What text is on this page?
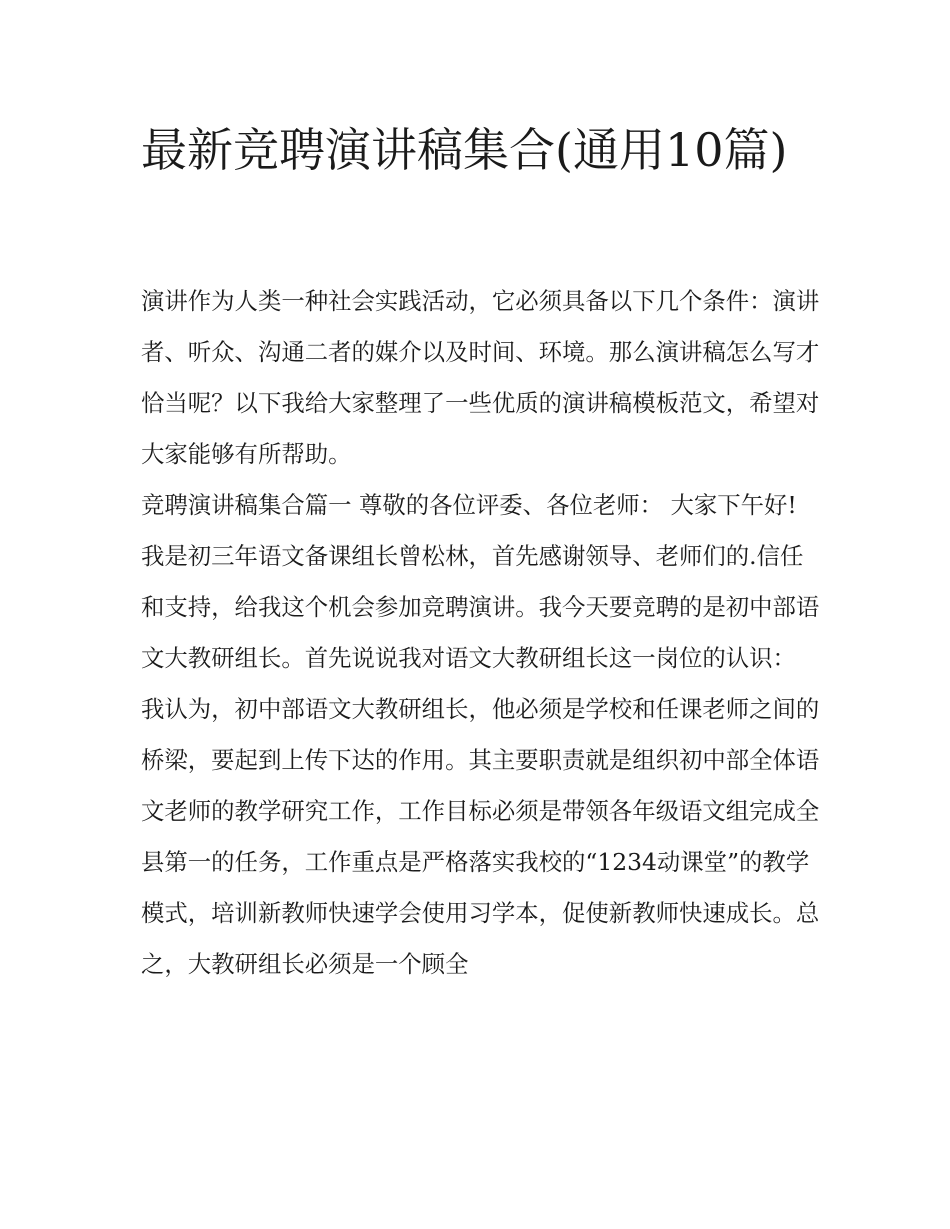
最新竞聘演讲稿集合(通用10篇)

演讲作为人类一种社会实践活动，它必须具备以下几个条件：演讲者、听众、沟通二者的媒介以及时间、环境。那么演讲稿怎么写才恰当呢？以下我给大家整理了一些优质的演讲稿模板范文，希望对大家能够有所帮助。

竞聘演讲稿集合篇一 尊敬的各位评委、各位老师： 大家下午好!

我是初三年语文备课组长曾松林，首先感谢领导、老师们的.信任和支持，给我这个机会参加竞聘演讲。我今天要竞聘的是初中部语文大教研组长。首先说说我对语文大教研组长这一岗位的认识：

我认为，初中部语文大教研组长，他必须是学校和任课老师之间的桥梁，要起到上传下达的作用。其主要职责就是组织初中部全体语文老师的教学研究工作，工作目标必须是带领各年级语文组完成全县第一的任务，工作重点是严格落实我校的“1234动课堂”的教学模式，培训新教师快速学会使用习学本，促使新教师快速成长。总之，大教研组长必须是一个顾全
